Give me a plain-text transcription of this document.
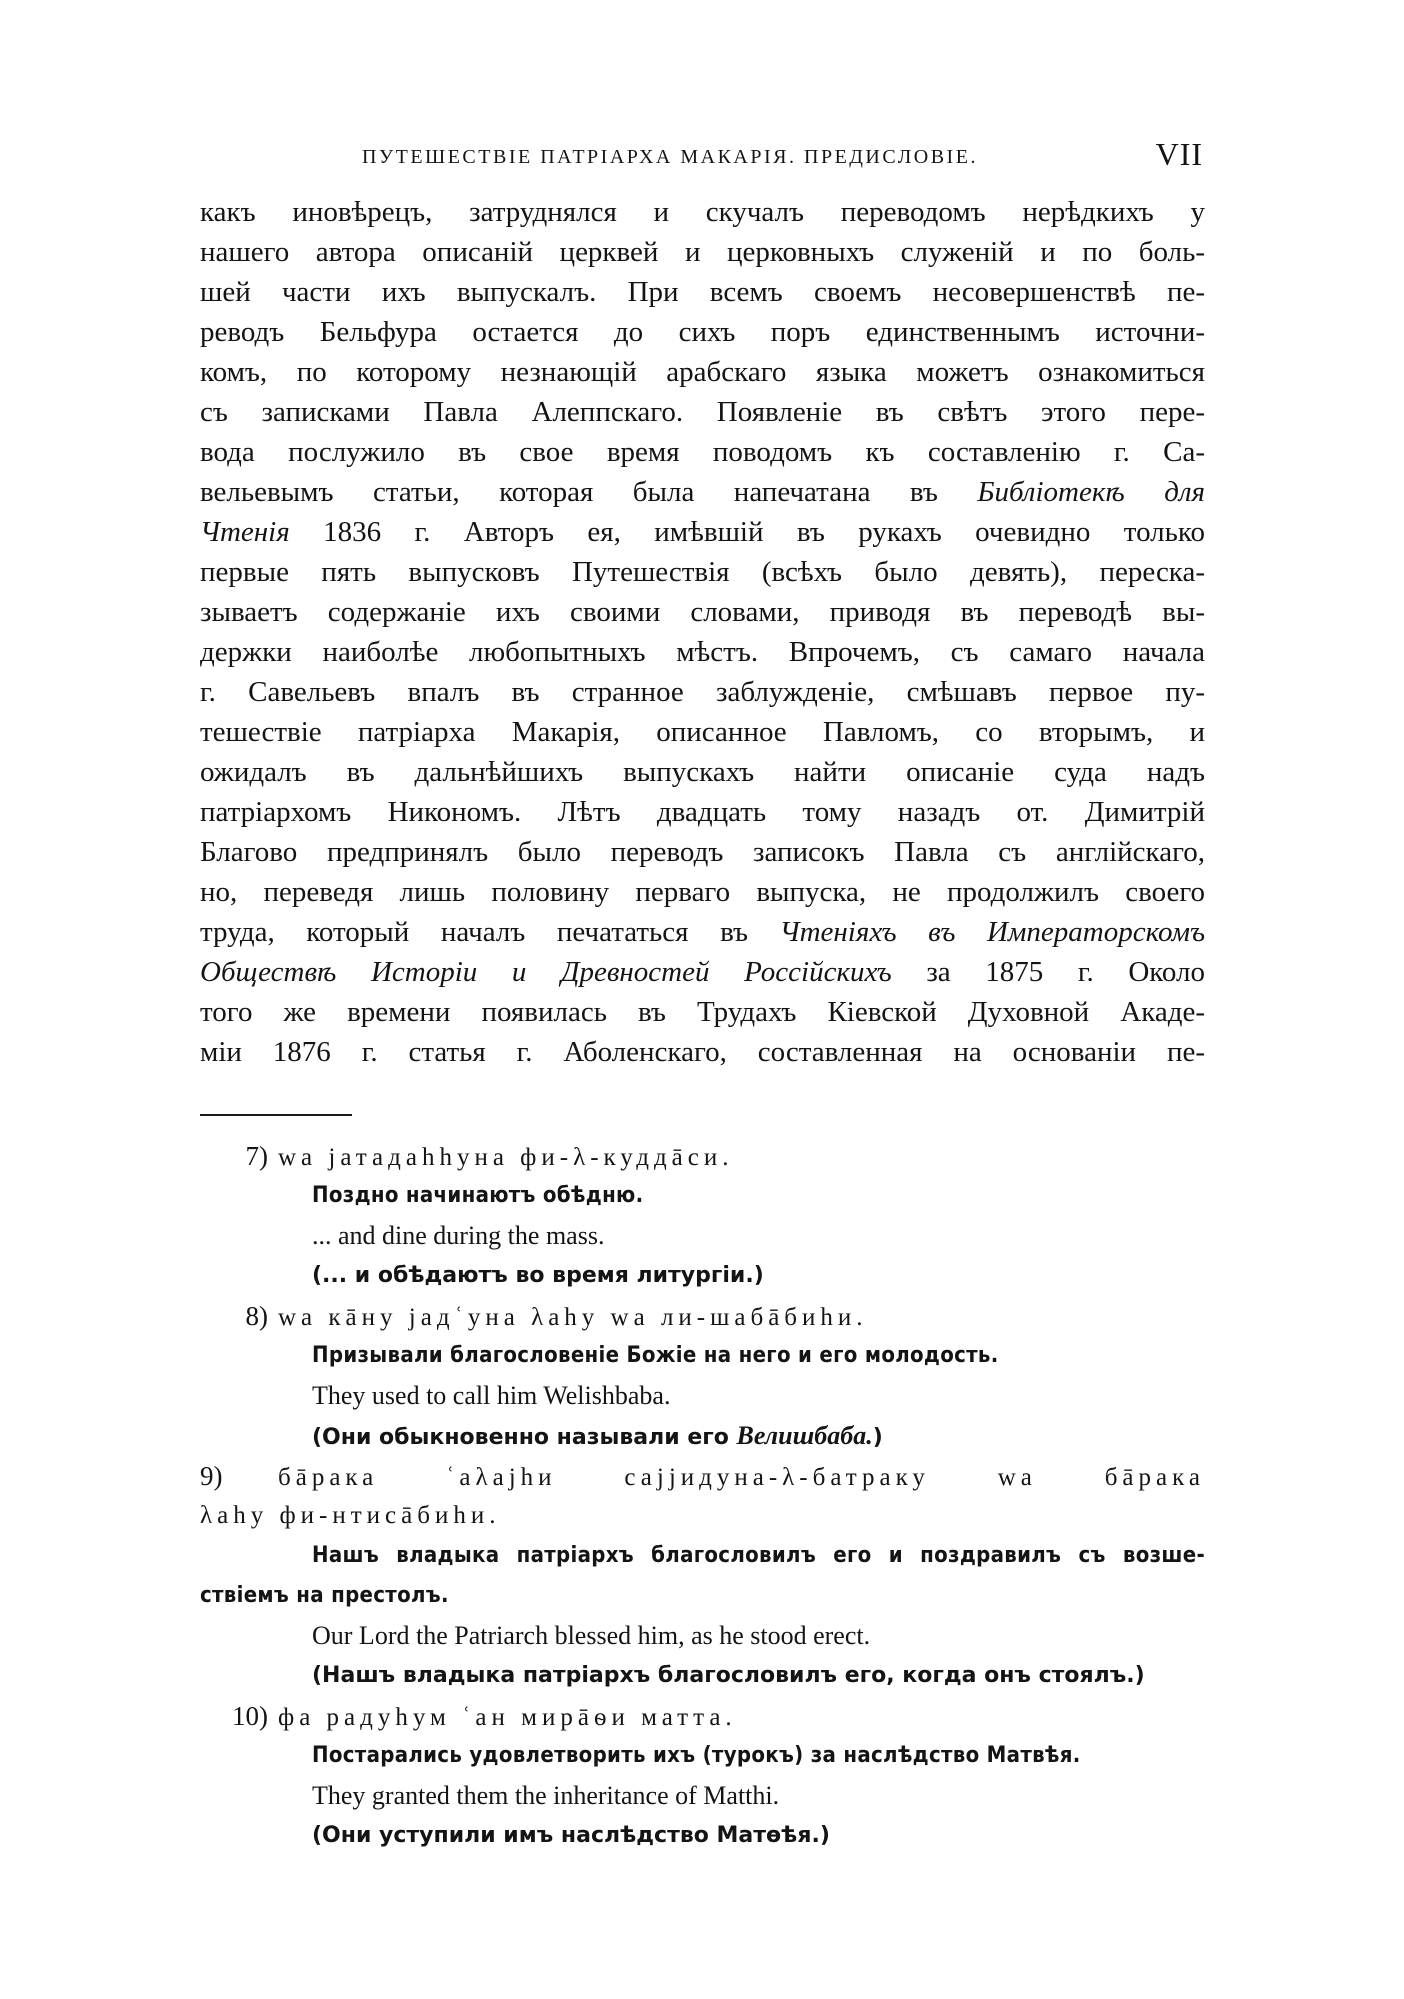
ПУТЕШЕСТВІЕ ПАТРІАРХА МАКАРІЯ. ПРЕДИСЛОВІЕ.	VII
какъ иновѣрецъ, затруднялся и скучалъ переводомъ нерѣдкихъ у
нашего автора описаній церквей и церковныхъ служеній и по боль-
шей части ихъ выпускалъ. При всемъ своемъ несовершенствѣ пе-
реводъ Бельфура остается до сихъ поръ единственнымъ источни-
комъ, по которому незнающій арабскаго языка можетъ ознакомиться
съ записками Павла Алеппскаго. Появленіе въ свѣтъ этого пере-
вода послужило въ свое время поводомъ къ составленію г. Са-
вельевымъ статьи, которая была напечатана въ Библіотекѣ для
Чтенія 1836 г. Авторъ ея, имѣвшій въ рукахъ очевидно только
первые пять выпусковъ Путешествія (всѣхъ было девять), переска-
зываетъ содержаніе ихъ своими словами, приводя въ переводѣ вы-
держки наиболѣе любопытныхъ мѣстъ. Впрочемъ, съ самаго начала
г. Савельевъ впалъ въ странное заблужденіе, смѣшавъ первое пу-
тешествіе патріарха Макарія, описанное Павломъ, со вторымъ, и
ожидалъ въ дальнѣйшихъ выпускахъ найти описаніе суда надъ
патріархомъ Никономъ. Лѣтъ двадцать тому назадъ от. Димитрій
Благово предпринялъ было переводъ записокъ Павла съ англійскаго,
но, переведя лишь половину перваго выпуска, не продолжилъ своего
труда, который началъ печататься въ Чтеніяхъ въ Императорскомъ
Обществѣ Исторіи и Древностей Россійскихъ за 1875 г. Около
того же времени появилась въ Трудахъ Кіевской Духовной Акаде-
міи 1876 г. статья г. Аболенскаго, составленная на основаніи пе-
7) wa јатадаhhуна фи-λ-куддāси.
Поздно начинаютъ обѣдню.
... and dine during the mass.
(... и обѣдаютъ во время литургіи.)
8) wa кāну јадʿуна λahу wa ли-шабāбиhи.
Призывали благословеніе Божіе на него и его молодость.
They used to call him Welishbaba.
(Они обыкновенно называли его Велишбаба.)
9) бāрака ʿаλајhи саjјидуна-λ-батраку wa бāрака
λahу фи-нтисāбиhи.
Нашъ владыка патріархъ благословилъ его и поздравилъ съ возше-
ствіемъ на престолъ.
Our Lord the Patriarch blessed him, as he stood erect.
(Нашъ владыка патріархъ благословилъ его, когда онъ стоялъ.)
10) фа радуhум ʿан мирāѳи матта.
Постарались удовлетворить ихъ (турокъ) за наслѣдство Матвѣя.
They granted them the inheritance of Matthi.
(Они уступили имъ наслѣдство Матѳѣя.)
